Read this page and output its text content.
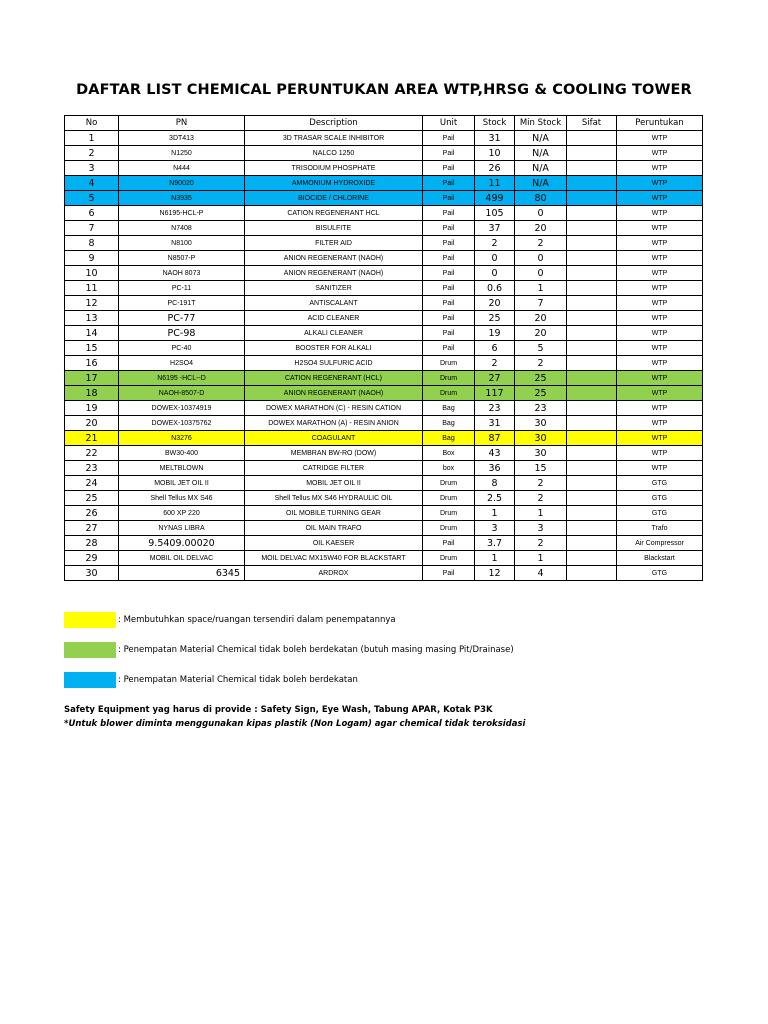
DAFTAR LIST CHEMICAL PERUNTUKAN AREA WTP,HRSG & COOLING TOWER
No	PN	Description	Unit	Stock	Min Stock	Sifat	Peruntukan
1	3DT413	3D TRASAR SCALE INHIBITOR	Pail	31	N/A		WTP
2	N1250	NALCO 1250	Pail	10	N/A		WTP
3	N444	TRISODIUM PHOSPHATE	Pail	26	N/A		WTP
4	N90020	AMMONIUM HYDROXIDE	Pail	11	N/A		WTP
5	N3935	BIOCIDE / CHLORINE	Pail	499	80		WTP
6	N6195-HCL-P	CATION REGENERANT HCL	Pail	105	0		WTP
7	N7408	BISULFITE	Pail	37	20		WTP
8	N8100	FILTER AID	Pail	2	2		WTP
9	N8507-P	ANION REGENERANT (NAOH)	Pail	0	0		WTP
10	NAOH 8073	ANION REGENERANT (NAOH)	Pail	0	0		WTP
11	PC-11	SANITIZER	Pail	0.6	1		WTP
12	PC-191T	ANTISCALANT	Pail	20	7		WTP
13	PC-77	ACID CLEANER	Pail	25	20		WTP
14	PC-98	ALKALI CLEANER	Pail	19	20		WTP
15	PC-40	BOOSTER FOR ALKALI	Pail	6	5		WTP
16	H2SO4	H2SO4 SULFURIC ACID	Drum	2	2		WTP
17	N6195 -HCL--D	CATION REGENERANT (HCL)	Drum	27	25		WTP
18	NAOH-8507-D	ANION REGENERANT (NAOH)	Drum	117	25		WTP
19	DOWEX-10374919	DOWEX MARATHON (C) - RESIN CATION	Bag	23	23		WTP
20	DOWEX-10375762	DOWEX MARATHON (A) - RESIN ANION	Bag	31	30		WTP
21	N3276	COAGULANT	Bag	87	30		WTP
22	BW30-400	MEMBRAN BW-RO (DOW)	Box	43	30		WTP
23	MELTBLOWN	CATRIDGE FILTER	box	36	15		WTP
24	MOBIL JET OIL II	MOBIL JET OIL II	Drum	8	2		GTG
25	Shell Tellus MX S46	Shell Tellus MX S46 HYDRAULIC OIL	Drum	2.5	2		GTG
26	600 XP 220	OIL MOBILE TURNING GEAR	Drum	1	1		GTG
27	NYNAS LIBRA	OIL MAIN TRAFO	Drum	3	3		Trafo
28	9.5409.00020	OIL KAESER	Pail	3.7	2		Air Compressor
29	MOBIL OIL DELVAC	MOIL DELVAC MX15W40 FOR BLACKSTART	Drum	1	1		Blackstart
30	6345	ARDROX	Pail	12	4		GTG
: Membutuhkan space/ruangan tersendiri dalam penempatannya
: Penempatan Material Chemical tidak boleh berdekatan (butuh masing masing Pit/Drainase)
: Penempatan Material Chemical tidak boleh berdekatan
Safety Equipment yag harus di provide : Safety Sign, Eye Wash, Tabung APAR, Kotak P3K
*Untuk blower diminta menggunakan kipas plastik (Non Logam) agar chemical tidak teroksidasi
